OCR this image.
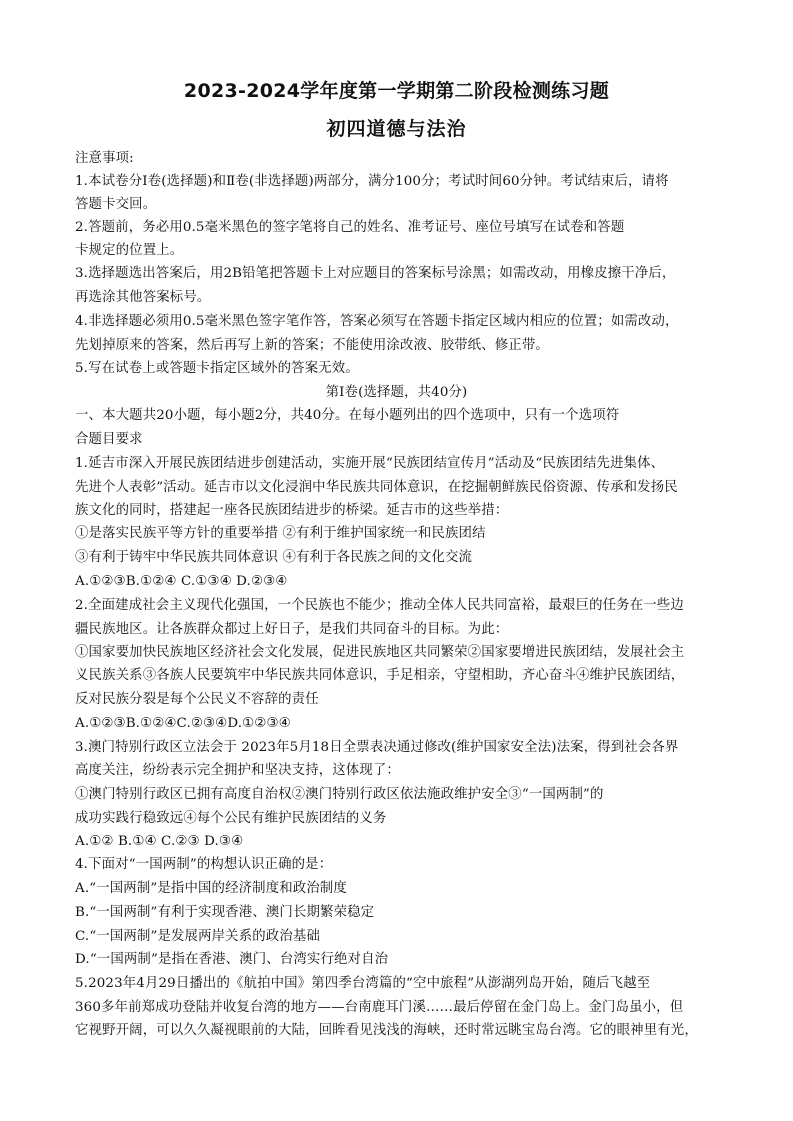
2023-2024学年度第一学期第二阶段检测练习题
初四道德与法治
注意事项:
1.本试卷分Ⅰ卷(选择题)和Ⅱ卷(非选择题)两部分，满分100分；考试时间60分钟。考试结束后，请将
答题卡交回。
2.答题前，务必用0.5毫米黑色的签字笔将自己的姓名、准考证号、座位号填写在试卷和答题
卡规定的位置上。
3.选择题选出答案后，用2B铅笔把答题卡上对应题目的答案标号涂黑；如需改动，用橡皮擦干净后，
再选涂其他答案标号。
4.非选择题必须用0.5毫米黑色签字笔作答，答案必须写在答题卡指定区域内相应的位置；如需改动，
先划掉原来的答案，然后再写上新的答案；不能使用涂改液、胶带纸、修正带。
5.写在试卷上或答题卡指定区域外的答案无效。
第Ⅰ卷(选择题，共40分)
一、本大题共20小题，每小题2分，共40分。在每小题列出的四个选项中，只有一个选项符
合题目要求
1.延吉市深入开展民族团结进步创建活动，实施开展“民族团结宣传月”活动及“民族团结先进集体、
先进个人表彰”活动。延吉市以文化浸润中华民族共同体意识，在挖掘朝鲜族民俗资源、传承和发扬民
族文化的同时，搭建起一座各民族团结进步的桥梁。延吉市的这些举措：
①是落实民族平等方针的重要举措 ②有利于维护国家统一和民族团结
③有利于铸牢中华民族共同体意识 ④有利于各民族之间的文化交流
A.①②③B.①②④ C.①③④ D.②③④
2.全面建成社会主义现代化强国，一个民族也不能少；推动全体人民共同富裕，最艰巨的任务在一些边
疆民族地区。让各族群众都过上好日子，是我们共同奋斗的目标。为此：
①国家要加快民族地区经济社会文化发展，促进民族地区共同繁荣②国家要增进民族团结，发展社会主
义民族关系③各族人民要筑牢中华民族共同体意识，手足相亲，守望相助，齐心奋斗④维护民族团结，
反对民族分裂是每个公民义不容辞的责任
A.①②③B.①②④C.②③④D.①②③④
3.澳门特别行政区立法会于 2023年5月18日全票表决通过修改(维护国家安全法)法案，得到社会各界
高度关注，纷纷表示完全拥护和坚决支持，这体现了：
①澳门特别行政区已拥有高度自治权②澳门特别行政区依法施政维护安全③“一国两制”的
成功实践行稳致远④每个公民有维护民族团结的义务
A.①② B.①④ C.②③ D.③④
4.下面对“一国两制”的构想认识正确的是：
A.“一国两制”是指中国的经济制度和政治制度
B.“一国两制”有利于实现香港、澳门长期繁荣稳定
C.“一国两制”是发展两岸关系的政治基础
D.“一国两制”是指在香港、澳门、台湾实行绝对自治
5.2023年4月29日播出的《航拍中国》第四季台湾篇的“空中旅程”从澎湖列岛开始，随后飞越至
360多年前郑成功登陆并收复台湾的地方——台南鹿耳门溪……最后停留在金门岛上。金门岛虽小，但
它视野开阔，可以久久凝视眼前的大陆，回眸看见浅浅的海峡，还时常远眺宝岛台湾。它的眼神里有光，
